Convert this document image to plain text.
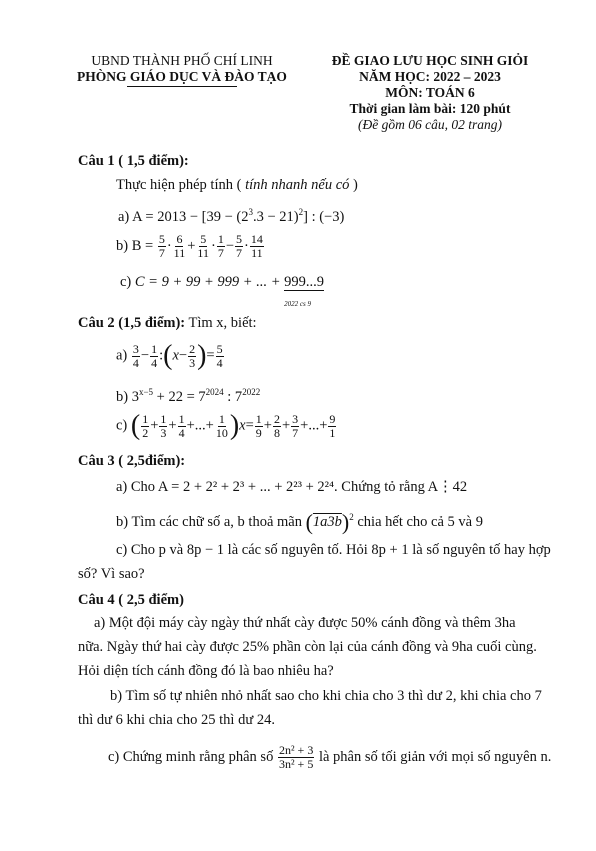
UBND THÀNH PHỐ CHÍ LINH
PHÒNG GIÁO DỤC VÀ ĐÀO TẠO
ĐỀ GIAO LƯU HỌC SINH GIỎI
NĂM HỌC: 2022 – 2023
MÔN: TOÁN 6
Thời gian làm bài: 120 phút
(Đề gồm 06 câu, 02 trang)
Câu 1 ( 1,5 điểm):
Thực hiện phép tính ( tính nhanh nếu có )
a) $A = 2013 - [39 - (2^3.3 - 21)^2]$ : (−3)
b) $B = \frac{5}{7} \cdot \frac{6}{11} + \frac{5}{11} \cdot \frac{1}{7} - \frac{5}{7} \cdot \frac{14}{11}$
c) C = 9 + 99 + 999 + ... + 999...9
2022 cs 9
Câu 2 (1,5 điểm): Tìm x, biết:
$a) \frac{3}{4} - \frac{1}{4}$ :(x− $\frac{2}{3}$ )= $\frac{5}{4}$
b) $3^{x-5} + 22 = 7^{2024}$ : $7^{2022}$
c) ( $\frac{1}{2} + \frac{1}{3} + \frac{1}{4}$ +...+ $\frac{1}{10} )x= \frac{1}{9} + \frac{2}{8} + \frac{3}{7}$ +...+ $\frac{9}{1}$
Câu 3 ( 2,5điểm):
a) Cho A = 2 + 2² + 2³ + ... + 2²³ + 2²⁴. Chứng tỏ rằng A⋮42
b) Tìm các chữ số a, b thoả mãn $(1a3b)^2$ chia hết cho cả 5 và 9
c) Cho p và 8p − 1 là các số nguyên tố. Hỏi 8p + 1 là số nguyên tố hay hợp
số? Vì sao?
Câu 4 ( 2,5 điểm)
a) Một đội máy cày ngày thứ nhất cày được 50% cánh đồng và thêm 3ha
nữa. Ngày thứ hai cày được 25% phần còn lại của cánh đồng và 9ha cuối cùng.
Hỏi diện tích cánh đồng đó là bao nhiêu ha?
b) Tìm số tự nhiên nhỏ nhất sao cho khi chia cho 3 thì dư 2, khi chia cho 7
thì dư 6 khi chia cho 25 thì dư 24.
c) Chứng minh rằng phân số $\frac{\text{2n² + 3}}{\text{3n² + 5}}$ là phân số tối giản với mọi số nguyên n.
